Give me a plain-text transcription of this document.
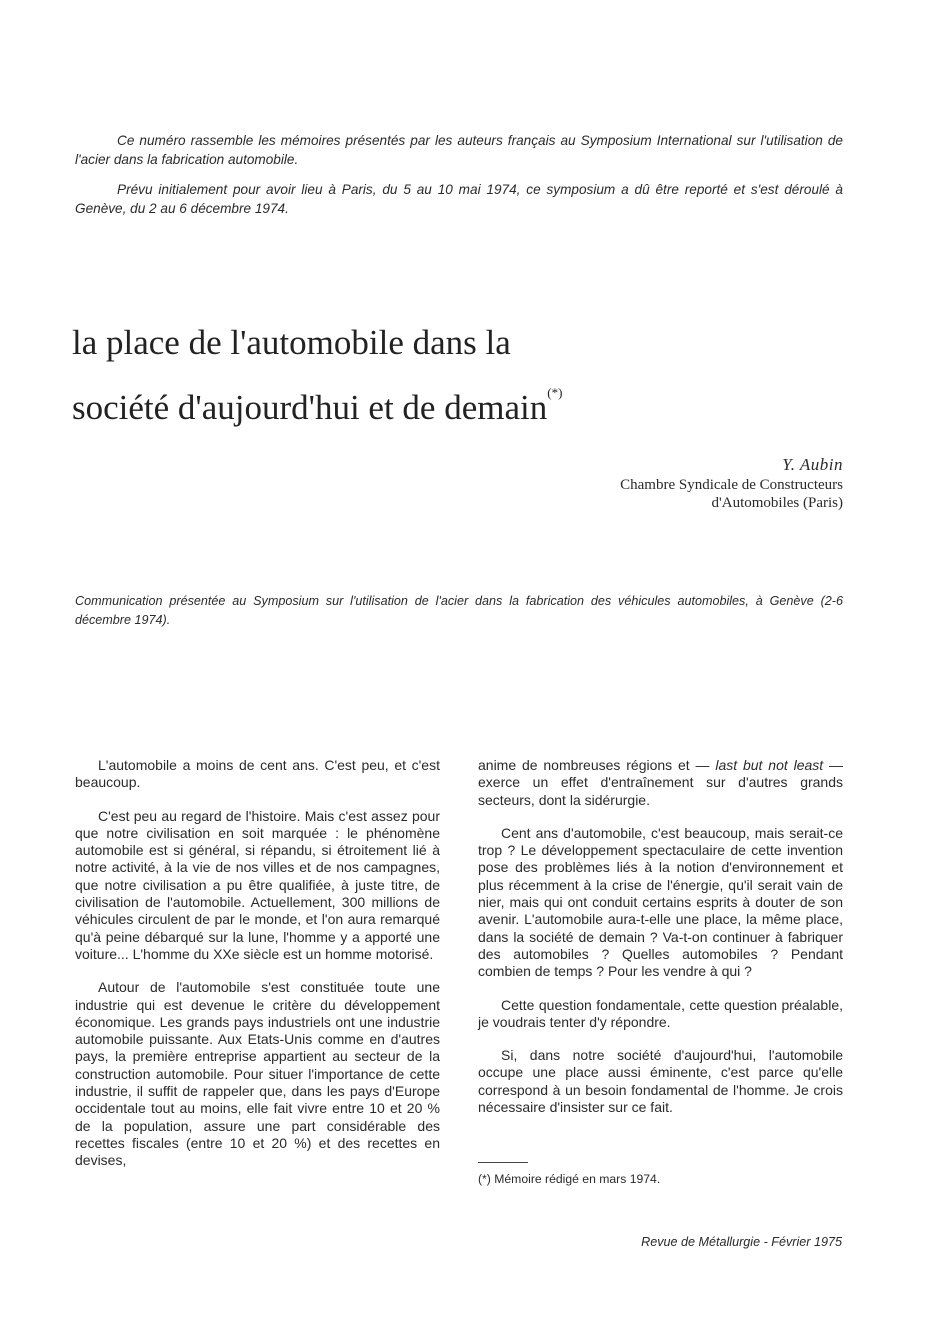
Ce numéro rassemble les mémoires présentés par les auteurs français au Symposium International sur l'utilisation de l'acier dans la fabrication automobile.

Prévu initialement pour avoir lieu à Paris, du 5 au 10 mai 1974, ce symposium a dû être reporté et s'est déroulé à Genève, du 2 au 6 décembre 1974.

la place de l'automobile dans la
société d'aujourd'hui et de demain(*)
Y. Aubin
Chambre Syndicale de Constructeurs
d'Automobiles (Paris)
Communication présentée au Symposium sur l'utilisation de l'acier dans la fabrication des véhicules automobiles, à Genève (2-6 décembre 1974).

L'automobile a moins de cent ans. C'est peu, et c'est beaucoup.

C'est peu au regard de l'histoire. Mais c'est assez pour que notre civilisation en soit marquée : le phénomène automobile est si général, si répandu, si étroitement lié à notre activité, à la vie de nos villes et de nos campagnes, que notre civilisation a pu être qualifiée, à juste titre, de civilisation de l'automobile. Actuellement, 300 millions de véhicules circulent de par le monde, et l'on aura remarqué qu'à peine débarqué sur la lune, l'homme y a apporté une voiture... L'homme du XXe siècle est un homme motorisé.

Autour de l'automobile s'est constituée toute une industrie qui est devenue le critère du développement économique. Les grands pays industriels ont une industrie automobile puissante. Aux Etats-Unis comme en d'autres pays, la première entreprise appartient au secteur de la construction automobile. Pour situer l'importance de cette industrie, il suffit de rappeler que, dans les pays d'Europe occidentale tout au moins, elle fait vivre entre 10 et 20 % de la population, assure une part considérable des recettes fiscales (entre 10 et 20 %) et des recettes en devises,

anime de nombreuses régions et — last but not least — exerce un effet d'entraînement sur d'autres grands secteurs, dont la sidérurgie.

Cent ans d'automobile, c'est beaucoup, mais serait-ce trop ? Le développement spectaculaire de cette invention pose des problèmes liés à la notion d'environnement et plus récemment à la crise de l'énergie, qu'il serait vain de nier, mais qui ont conduit certains esprits à douter de son avenir. L'automobile aura-t-elle une place, la même place, dans la société de demain ? Va-t-on continuer à fabriquer des automobiles ? Quelles automobiles ? Pendant combien de temps ? Pour les vendre à qui ?

Cette question fondamentale, cette question préalable, je voudrais tenter d'y répondre.

Si, dans notre société d'aujourd'hui, l'automobile occupe une place aussi éminente, c'est parce qu'elle correspond à un besoin fondamental de l'homme. Je crois nécessaire d'insister sur ce fait.

(*) Mémoire rédigé en mars 1974.
Revue de Métallurgie - Février 1975
